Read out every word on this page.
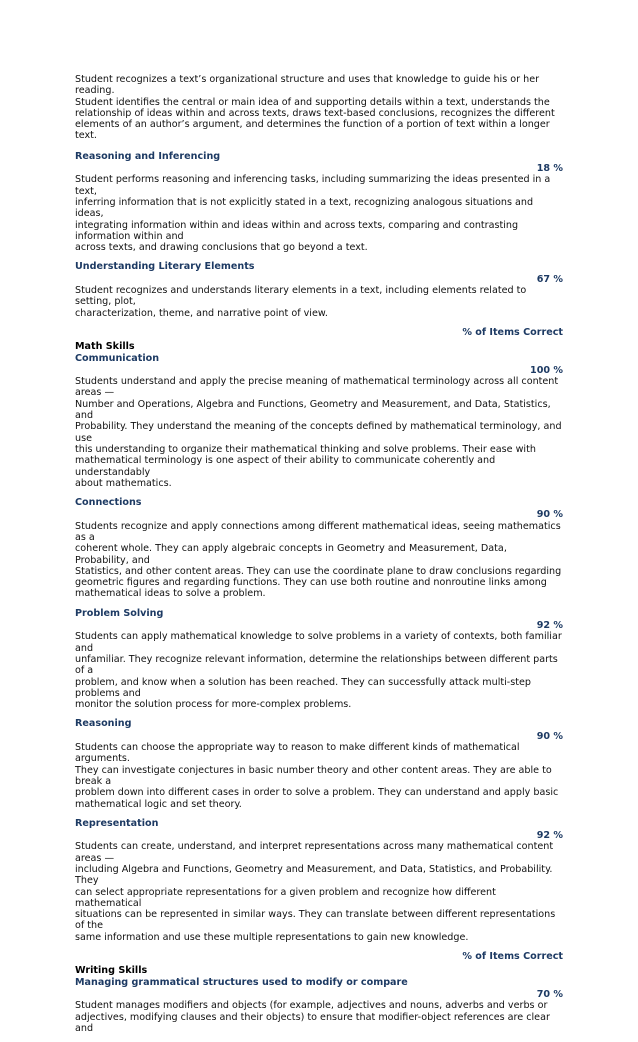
Student recognizes a text’s organizational structure and uses that knowledge to guide his or her reading.

Student identifies the central or main idea of and supporting details within a text, understands the

relationship of ideas within and across texts, draws text-based conclusions, recognizes the different

elements of an author’s argument, and determines the function of a portion of text within a longer text.

Reasoning and Inferencing
18 %

Student performs reasoning and inferencing tasks, including summarizing the ideas presented in a text,

inferring information that is not explicitly stated in a text, recognizing analogous situations and ideas,

integrating information within and ideas within and across texts, comparing and contrasting information within and

across texts, and drawing conclusions that go beyond a text.

Understanding Literary Elements
67 %

Student recognizes and understands literary elements in a text, including elements related to setting, plot,

characterization, theme, and narrative point of view.

% of Items Correct
Math Skills
Communication
100 %

Students understand and apply the precise meaning of mathematical terminology across all content areas —

Number and Operations, Algebra and Functions, Geometry and Measurement, and Data, Statistics, and

Probability. They understand the meaning of the concepts defined by mathematical terminology, and use

this understanding to organize their mathematical thinking and solve problems. Their ease with

mathematical terminology is one aspect of their ability to communicate coherently and understandably

about mathematics.

Connections
90 %

Students recognize and apply connections among different mathematical ideas, seeing mathematics as a

coherent whole. They can apply algebraic concepts in Geometry and Measurement, Data, Probability, and

Statistics, and other content areas. They can use the coordinate plane to draw conclusions regarding

geometric figures and regarding functions. They can use both routine and nonroutine links among

mathematical ideas to solve a problem.

Problem Solving
92 %

Students can apply mathematical knowledge to solve problems in a variety of contexts, both familiar and

unfamiliar. They recognize relevant information, determine the relationships between different parts of a

problem, and know when a solution has been reached. They can successfully attack multi-step problems and

monitor the solution process for more-complex problems.

Reasoning
90 %

Students can choose the appropriate way to reason to make different kinds of mathematical arguments.

They can investigate conjectures in basic number theory and other content areas. They are able to break a

problem down into different cases in order to solve a problem. They can understand and apply basic

mathematical logic and set theory.

Representation
92 %

Students can create, understand, and interpret representations across many mathematical content areas —

including Algebra and Functions, Geometry and Measurement, and Data, Statistics, and Probability. They

can select appropriate representations for a given problem and recognize how different mathematical

situations can be represented in similar ways. They can translate between different representations of the

same information and use these multiple representations to gain new knowledge.

% of Items Correct
Writing Skills
Managing grammatical structures used to modify or compare
70 %

Student manages modifiers and objects (for example, adjectives and nouns, adverbs and verbs or

adjectives, modifying clauses and their objects) to ensure that modifier-object references are clear and
